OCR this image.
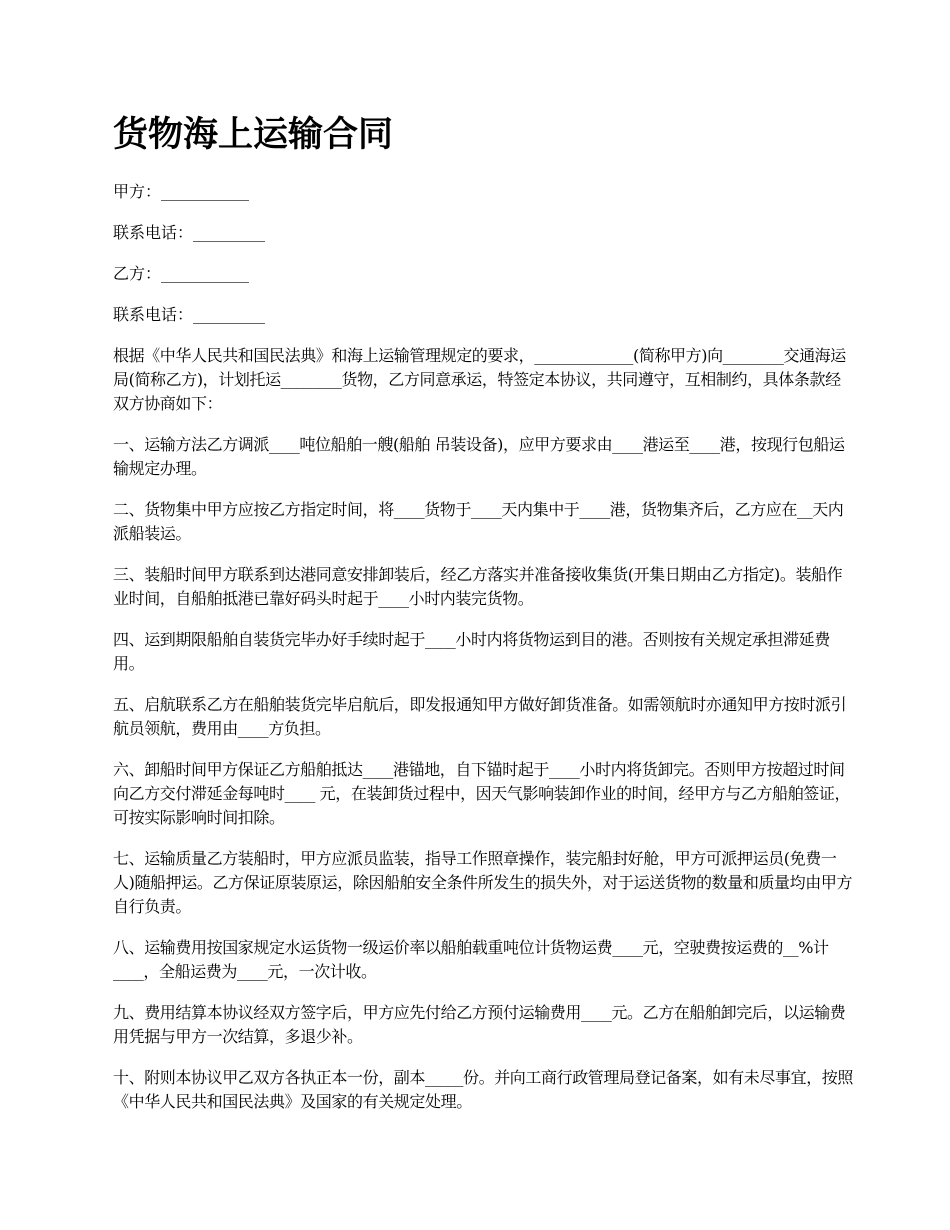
货物海上运输合同
甲方：___________
联系电话：_________
乙方：___________
联系电话：_________

根据《中华人民共和国民法典》和海上运输管理规定的要求，_____________(简称甲方)向________交通海运局(简称乙方)，计划托运________货物，乙方同意承运，特签定本协议，共同遵守，互相制约，具体条款经双方协商如下：

一、运输方法乙方调派____吨位船舶一艘(船舶 吊装设备)，应甲方要求由____港运至____港，按现行包船运输规定办理。

二、货物集中甲方应按乙方指定时间，将____货物于____天内集中于____港，货物集齐后，乙方应在__天内派船装运。

三、装船时间甲方联系到达港同意安排卸装后，经乙方落实并准备接收集货(开集日期由乙方指定)。装船作业时间，自船舶抵港已靠好码头时起于____小时内装完货物。

四、运到期限船舶自装货完毕办好手续时起于____小时内将货物运到目的港。否则按有关规定承担滞延费用。

五、启航联系乙方在船舶装货完毕启航后，即发报通知甲方做好卸货准备。如需领航时亦通知甲方按时派引航员领航，费用由____方负担。

六、卸船时间甲方保证乙方船舶抵达____港锚地，自下锚时起于____小时内将货卸完。否则甲方按超过时间向乙方交付滞延金每吨时____ 元，在装卸货过程中，因天气影响装卸作业的时间，经甲方与乙方船舶签证，可按实际影响时间扣除。

七、运输质量乙方装船时，甲方应派员监装，指导工作照章操作，装完船封好舱，甲方可派押运员(免费一人)随船押运。乙方保证原装原运，除因船舶安全条件所发生的损失外，对于运送货物的数量和质量均由甲方自行负责。

八、运输费用按国家规定水运货物一级运价率以船舶载重吨位计货物运费____元，空驶费按运费的__%计____，全船运费为____元，一次计收。

九、费用结算本协议经双方签字后，甲方应先付给乙方预付运输费用____元。乙方在船舶卸完后，以运输费用凭据与甲方一次结算，多退少补。

十、附则本协议甲乙双方各执正本一份，副本_____份。并向工商行政管理局登记备案，如有未尽事宜，按照《中华人民共和国民法典》及国家的有关规定处理。
